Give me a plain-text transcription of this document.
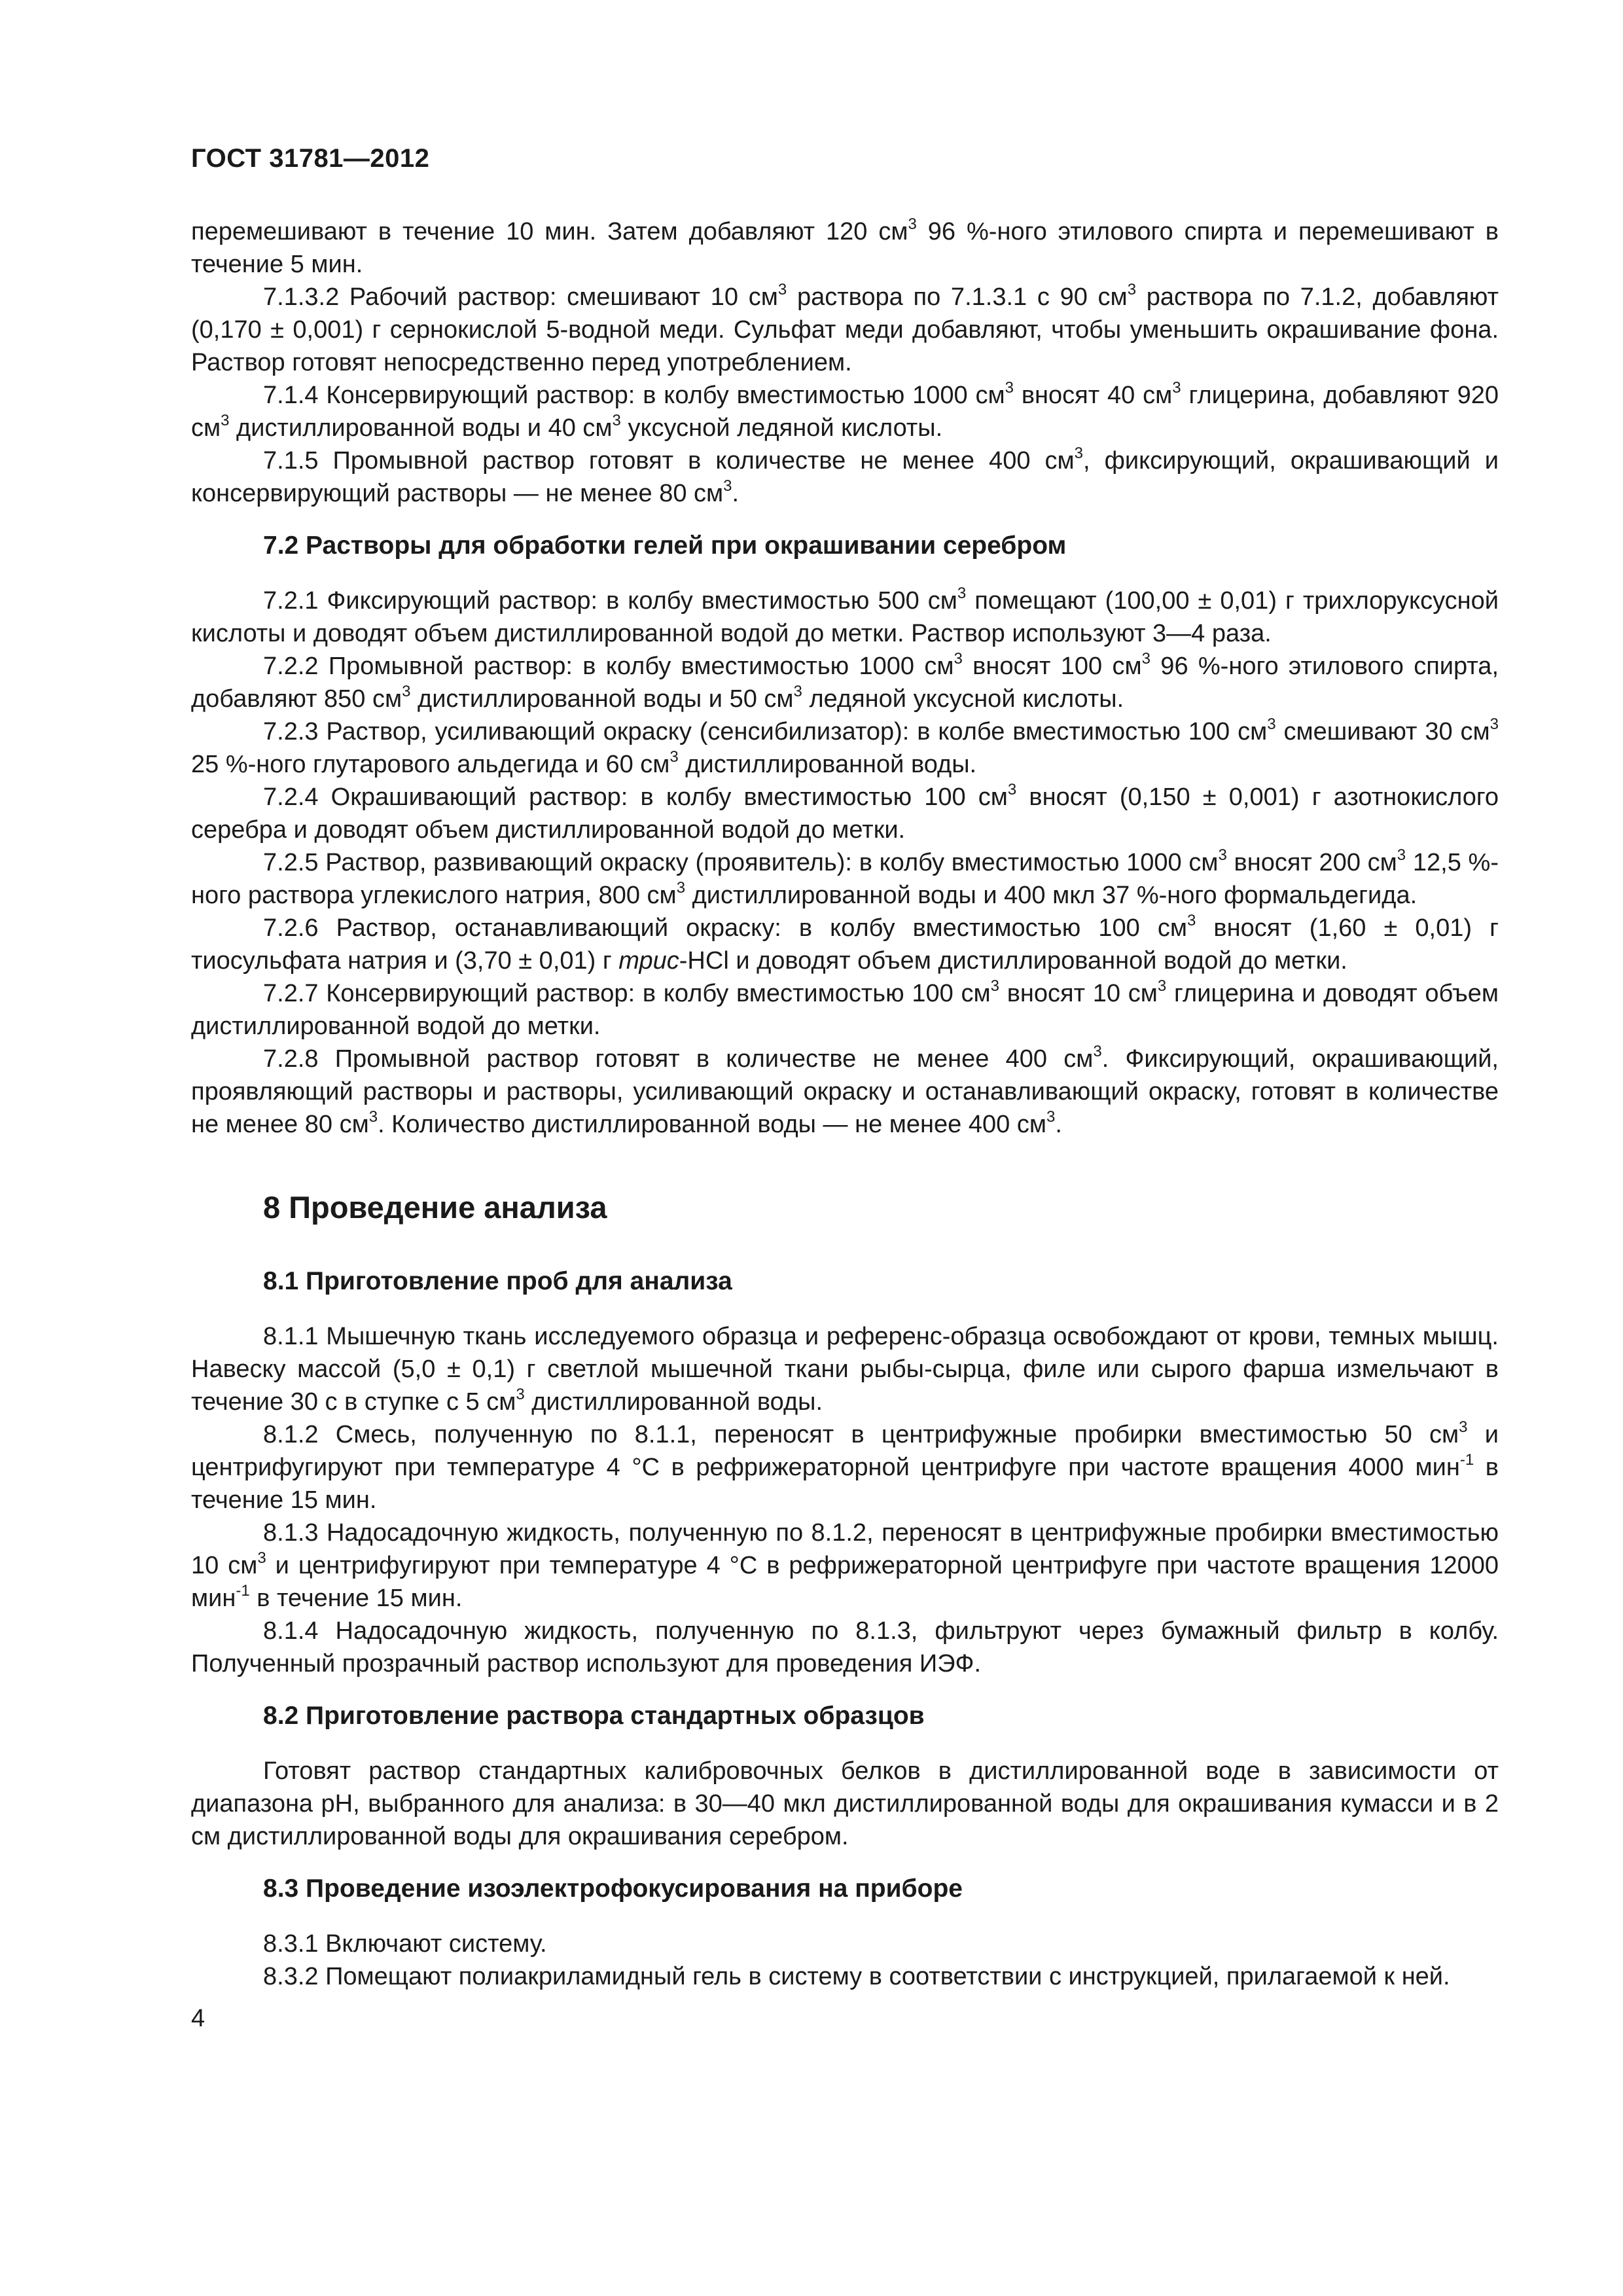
ГОСТ 31781—2012
перемешивают в течение 10 мин. Затем добавляют 120 $см^3$ 96 %-ного этилового спирта и перемешивают в течение 5 мин.
7.1.3.2 Рабочий раствор: смешивают 10 $см^3$ раствора по 7.1.3.1 с 90 $см^3$ раствора по 7.1.2, добавляют (0,170 ± 0,001) г сернокислой 5-водной меди. Сульфат меди добавляют, чтобы уменьшить окрашивание фона. Раствор готовят непосредственно перед употреблением.
7.1.4 Консервирующий раствор: в колбу вместимостью 1000 $см^3$ вносят 40 $см^3$ глицерина, добавляют 920 $см^3$ дистиллированной воды и 40 $см^3$ уксусной ледяной кислоты.
7.1.5 Промывной раствор готовят в количестве не менее 400 $см^3$, фиксирующий, окрашивающий и консервирующий растворы — не менее 80 $см^3$.
7.2 Растворы для обработки гелей при окрашивании серебром
7.2.1 Фиксирующий раствор: в колбу вместимостью 500 $см^3$ помещают (100,00 ± 0,01) г трихлоруксусной кислоты и доводят объем дистиллированной водой до метки. Раствор используют 3—4 раза.
7.2.2 Промывной раствор: в колбу вместимостью 1000 $см^3$ вносят 100 $см^3$ 96 %-ного этилового спирта, добавляют 850 $см^3$ дистиллированной воды и 50 $см^3$ ледяной уксусной кислоты.
7.2.3 Раствор, усиливающий окраску (сенсибилизатор): в колбе вместимостью 100 $см^3$ смешивают 30 $см^3$ 25 %-ного глутарового альдегида и 60 $см^3$ дистиллированной воды.
7.2.4 Окрашивающий раствор: в колбу вместимостью 100 $см^3$ вносят (0,150 ± 0,001) г азотнокислого серебра и доводят объем дистиллированной водой до метки.
7.2.5 Раствор, развивающий окраску (проявитель): в колбу вместимостью 1000 $см^3$ вносят 200 $см^3$ 12,5 %-ного раствора углекислого натрия, 800 $см^3$ дистиллированной воды и 400 мкл 37 %-ного формальдегида.
7.2.6 Раствор, останавливающий окраску: в колбу вместимостью 100 $см^3$ вносят (1,60 ± 0,01) г тиосульфата натрия и (3,70 ± 0,01) г трис-HCl и доводят объем дистиллированной водой до метки.
7.2.7 Консервирующий раствор: в колбу вместимостью 100 $см^3$ вносят 10 $см^3$ глицерина и доводят объем дистиллированной водой до метки.
7.2.8 Промывной раствор готовят в количестве не менее 400 $см^3$. Фиксирующий, окрашивающий, проявляющий растворы и растворы, усиливающий окраску и останавливающий окраску, готовят в количестве не менее 80 $см^3$. Количество дистиллированной воды — не менее 400 $см^3$.
8 Проведение анализа
8.1 Приготовление проб для анализа
8.1.1 Мышечную ткань исследуемого образца и референс-образца освобождают от крови, темных мышц. Навеску массой (5,0 ± 0,1) г светлой мышечной ткани рыбы-сырца, филе или сырого фарша измельчают в течение 30 с в ступке с 5 $см^3$ дистиллированной воды.
8.1.2 Смесь, полученную по 8.1.1, переносят в центрифужные пробирки вместимостью 50 $см^3$ и центрифугируют при температуре 4 °С в рефрижераторной центрифуге при частоте вращения 4000 мин$^{-1}$ в течение 15 мин.
8.1.3 Надосадочную жидкость, полученную по 8.1.2, переносят в центрифужные пробирки вместимостью 10 $см^3$ и центрифугируют при температуре 4 °С в рефрижераторной центрифуге при частоте вращения 12000 мин$^{-1}$ в течение 15 мин.
8.1.4 Надосадочную жидкость, полученную по 8.1.3, фильтруют через бумажный фильтр в колбу. Полученный прозрачный раствор используют для проведения ИЭФ.
8.2 Приготовление раствора стандартных образцов
Готовят раствор стандартных калибровочных белков в дистиллированной воде в зависимости от диапазона pH, выбранного для анализа: в 30—40 мкл дистиллированной воды для окрашивания кумасси и в 2 см дистиллированной воды для окрашивания серебром.
8.3 Проведение изоэлектрофокусирования на приборе
8.3.1 Включают систему.
8.3.2 Помещают полиакриламидный гель в систему в соответствии с инструкцией, прилагаемой к ней.
4
